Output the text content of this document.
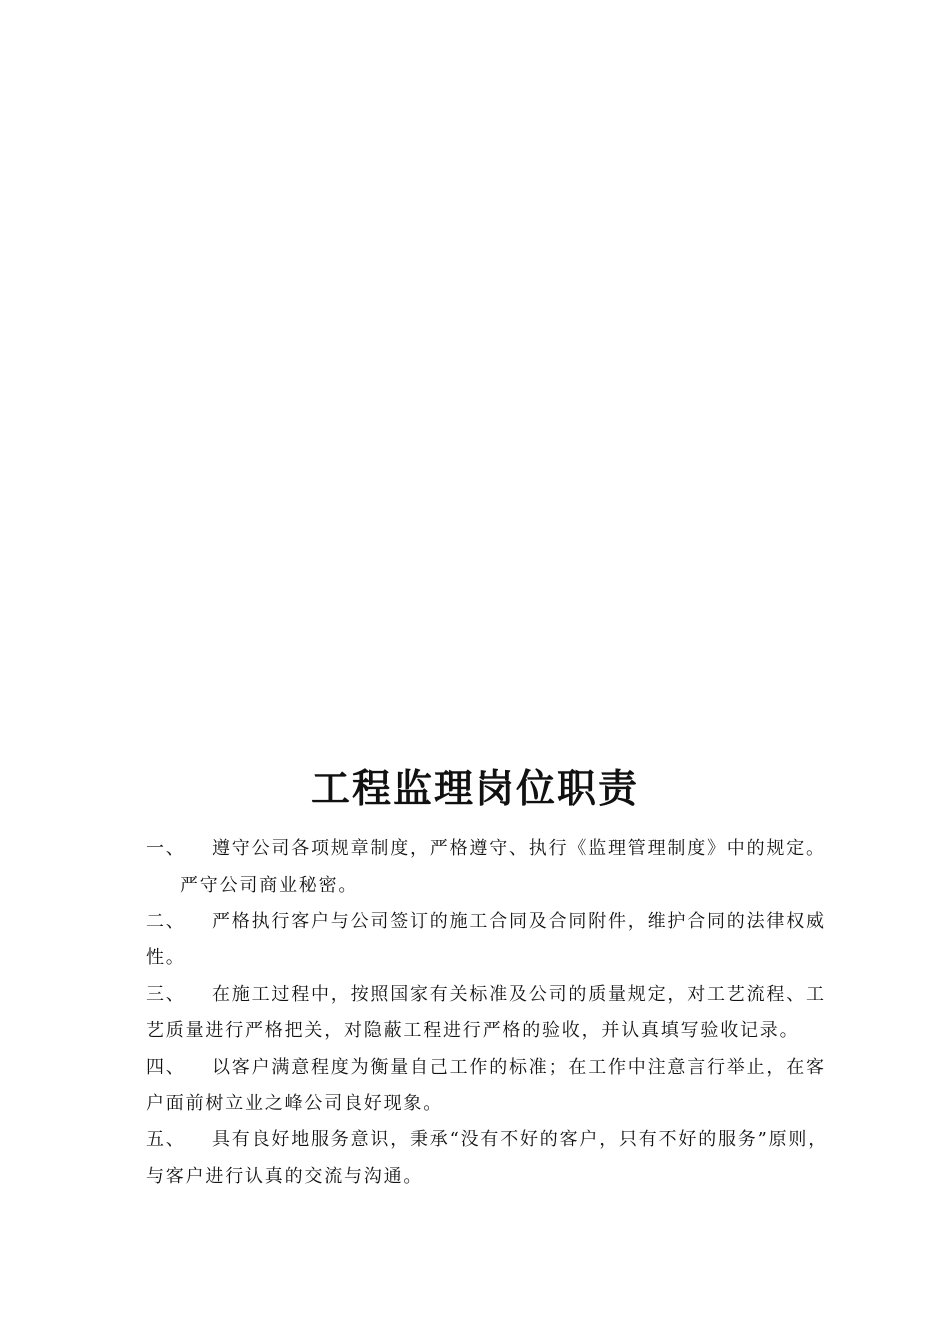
工程监理岗位职责
一、 遵守公司各项规章制度，严格遵守、执行《监理管理制度》中的规定。
严守公司商业秘密。
二、 严格执行客户与公司签订的施工合同及合同附件，维护合同的法律权威
性。
三、 在施工过程中，按照国家有关标准及公司的质量规定，对工艺流程、工
艺质量进行严格把关，对隐蔽工程进行严格的验收，并认真填写验收记录。
四、 以客户满意程度为衡量自己工作的标准；在工作中注意言行举止，在客
户面前树立业之峰公司良好现象。
五、 具有良好地服务意识，秉承“没有不好的客户，只有不好的服务”原则，
与客户进行认真的交流与沟通。
